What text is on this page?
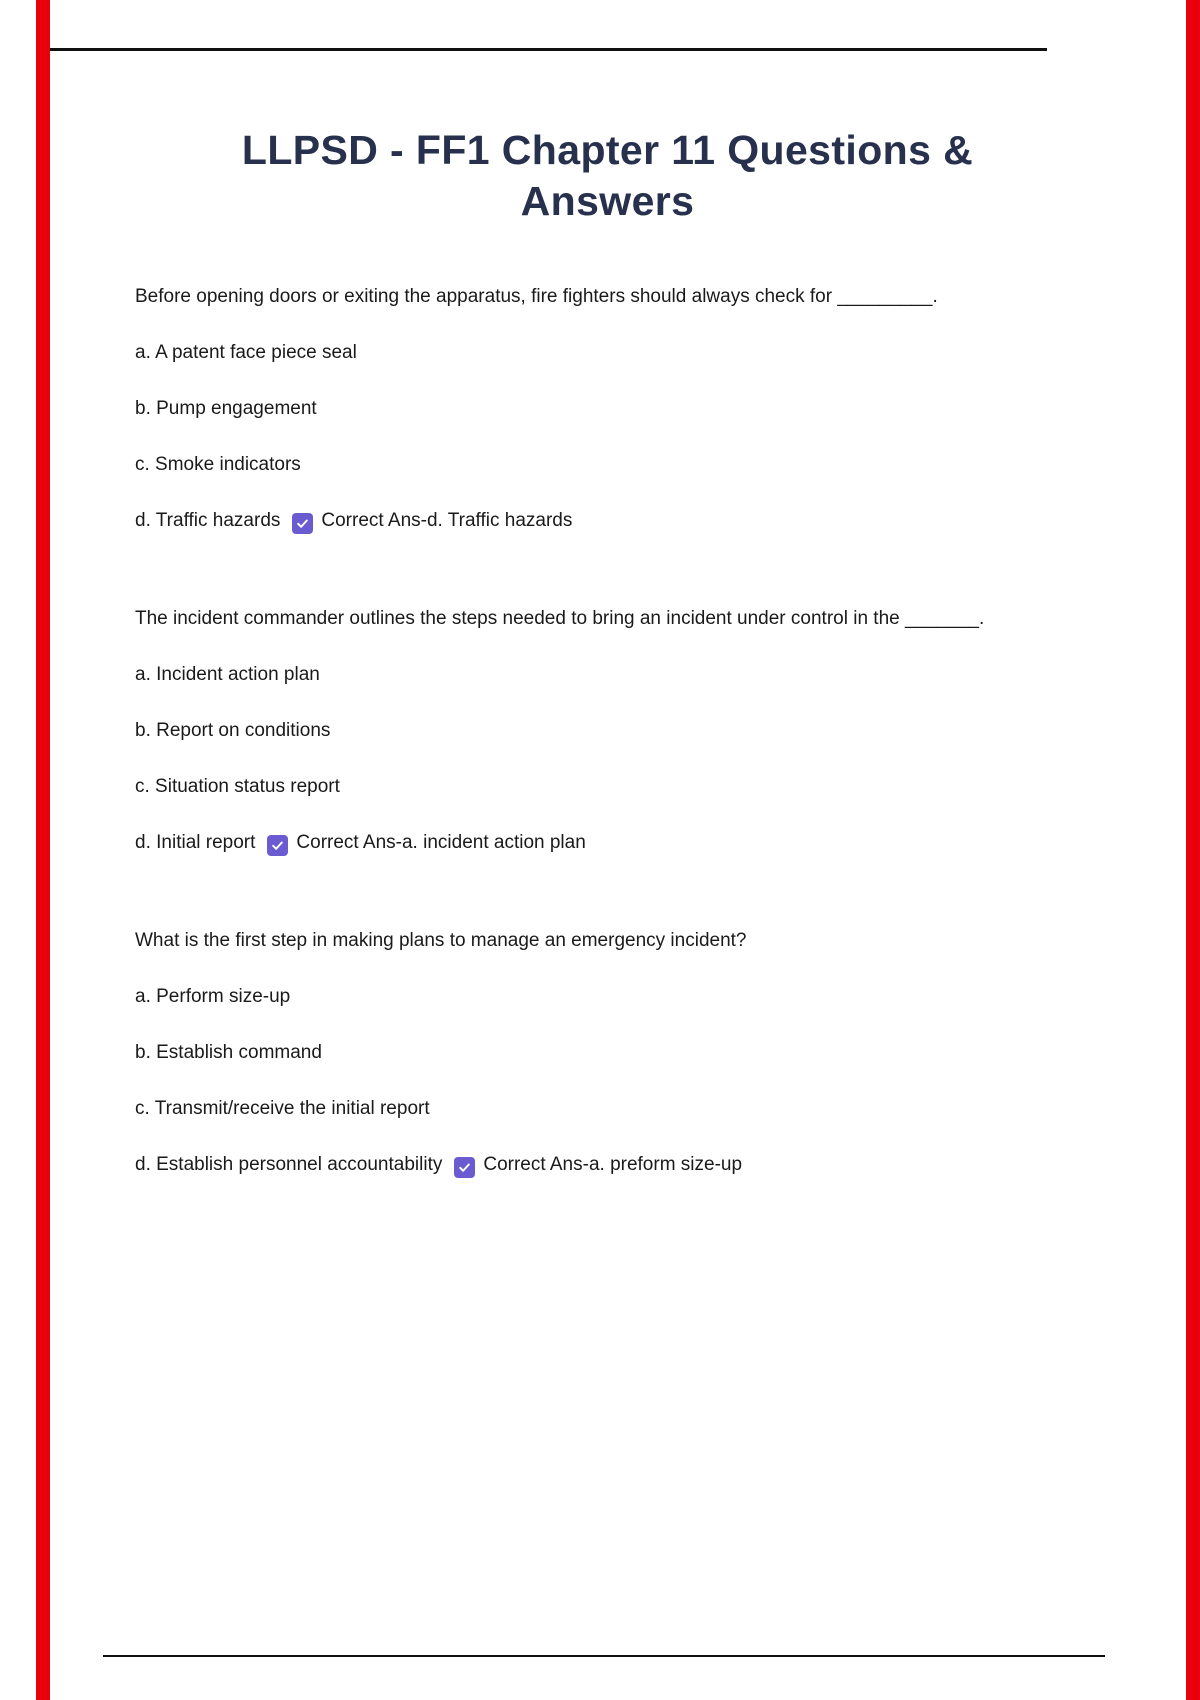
LLPSD - FF1 Chapter 11 Questions & Answers

Before opening doors or exiting the apparatus, fire fighters should always check for _________.

a. A patent face piece seal

b. Pump engagement

c. Smoke indicators

d. Traffic hazards Correct Ans-d. Traffic hazards

The incident commander outlines the steps needed to bring an incident under control in the _______.

a. Incident action plan

b. Report on conditions

c. Situation status report

d. Initial report Correct Ans-a. incident action plan

What is the first step in making plans to manage an emergency incident?

a. Perform size-up

b. Establish command

c. Transmit/receive the initial report

d. Establish personnel accountability Correct Ans-a. preform size-up
